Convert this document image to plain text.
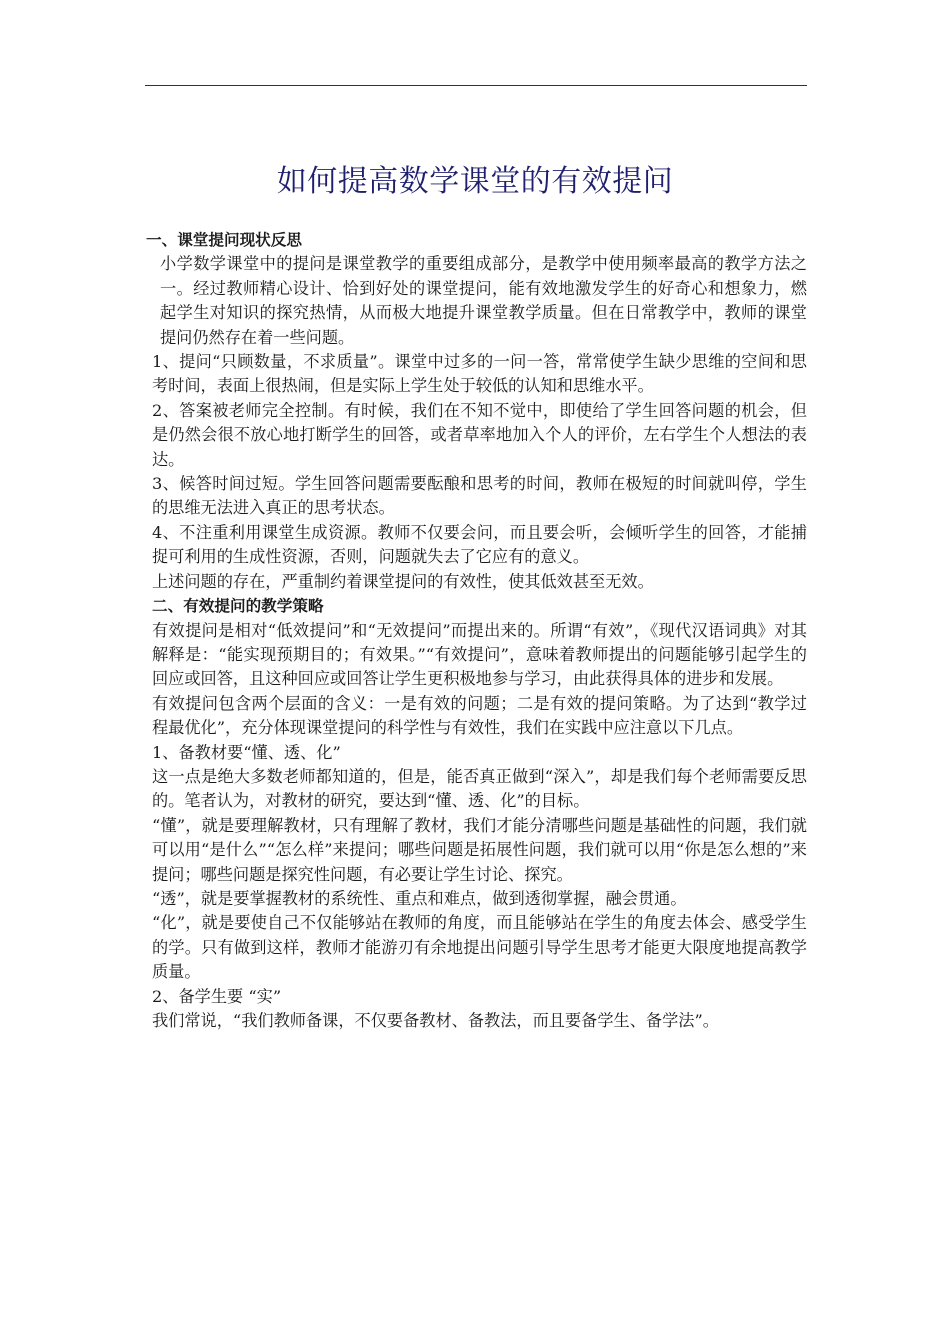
如何提高数学课堂的有效提问
一、课堂提问现状反思

小学数学课堂中的提问是课堂教学的重要组成部分，是教学中使用频率最高的教学方法之一。经过教师精心设计、恰到好处的课堂提问，能有效地激发学生的好奇心和想象力，燃起学生对知识的探究热情，从而极大地提升课堂教学质量。但在日常教学中，教师的课堂提问仍然存在着一些问题。

1、提问“只顾数量，不求质量”。课堂中过多的一问一答，常常使学生缺少思维的空间和思考时间，表面上很热闹，但是实际上学生处于较低的认知和思维水平。

2、答案被老师完全控制。有时候，我们在不知不觉中，即使给了学生回答问题的机会，但是仍然会很不放心地打断学生的回答，或者草率地加入个人的评价，左右学生个人想法的表达。

3、候答时间过短。学生回答问题需要酝酿和思考的时间，教师在极短的时间就叫停，学生的思维无法进入真正的思考状态。

4、不注重利用课堂生成资源。教师不仅要会问，而且要会听，会倾听学生的回答，才能捕捉可利用的生成性资源，否则，问题就失去了它应有的意义。

上述问题的存在，严重制约着课堂提问的有效性，使其低效甚至无效。

二、有效提问的教学策略

有效提问是相对“低效提问”和“无效提问”而提出来的。所谓“有效”，《现代汉语词典》对其解释是：“能实现预期目的；有效果。”“有效提问”，意味着教师提出的问题能够引起学生的回应或回答，且这种回应或回答让学生更积极地参与学习，由此获得具体的进步和发展。

有效提问包含两个层面的含义：一是有效的问题；二是有效的提问策略。为了达到“教学过程最优化”，充分体现课堂提问的科学性与有效性，我们在实践中应注意以下几点。

1、备教材要“懂、透、化”

这一点是绝大多数老师都知道的，但是，能否真正做到“深入”，却是我们每个老师需要反思的。笔者认为，对教材的研究，要达到“懂、透、化”的目标。

“懂”，就是要理解教材，只有理解了教材，我们才能分清哪些问题是基础性的问题，我们就可以用“是什么”“怎么样”来提问；哪些问题是拓展性问题，我们就可以用“你是怎么想的”来提问；哪些问题是探究性问题，有必要让学生讨论、探究。

“透”，就是要掌握教材的系统性、重点和难点，做到透彻掌握，融会贯通。

“化”，就是要使自己不仅能够站在教师的角度，而且能够站在学生的角度去体会、感受学生的学。只有做到这样，教师才能游刃有余地提出问题引导学生思考才能更大限度地提高教学质量。

2、备学生要 “实”

我们常说，“我们教师备课，不仅要备教材、备教法，而且要备学生、备学法”。
